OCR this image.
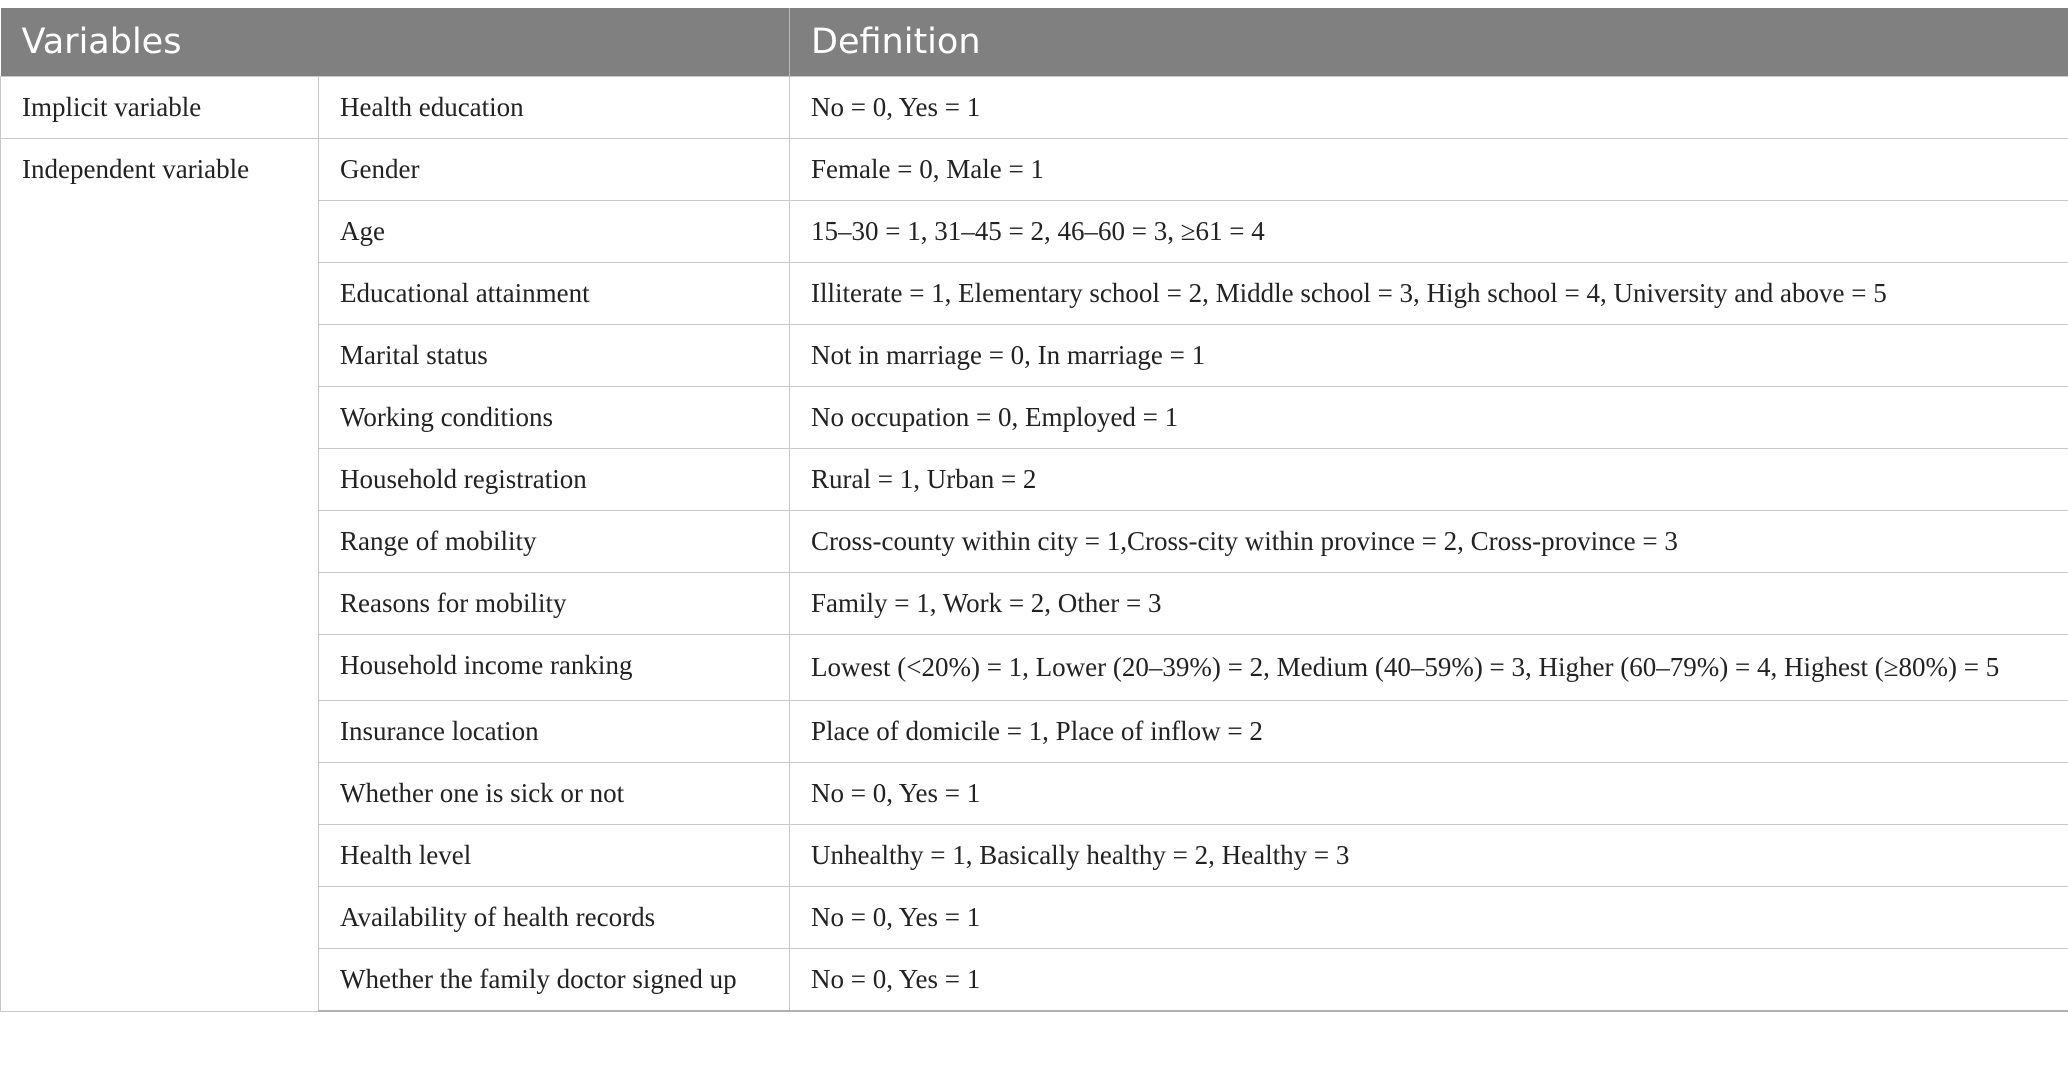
Variables		Definition
Implicit variable	Health education	No = 0, Yes = 1
Independent variable	Gender	Female = 0, Male = 1
	Age	15–30 = 1, 31–45 = 2, 46–60 = 3, ≥61 = 4
	Educational attainment	Illiterate = 1, Elementary school = 2, Middle school = 3, High school = 4, University and above = 5
	Marital status	Not in marriage = 0, In marriage = 1
	Working conditions	No occupation = 0, Employed = 1
	Household registration	Rural = 1, Urban = 2
	Range of mobility	Cross-county within city = 1,Cross-city within province = 2, Cross-province = 3
	Reasons for mobility	Family = 1, Work = 2, Other = 3
	Household income ranking	Lowest (<20%) = 1, Lower (20–39%) = 2, Medium (40–59%) = 3, Higher (60–79%) = 4, Highest (≥80%) = 5
	Insurance location	Place of domicile = 1, Place of inflow = 2
	Whether one is sick or not	No = 0, Yes = 1
	Health level	Unhealthy = 1, Basically healthy = 2, Healthy = 3
	Availability of health records	No = 0, Yes = 1
	Whether the family doctor signed up	No = 0, Yes = 1
